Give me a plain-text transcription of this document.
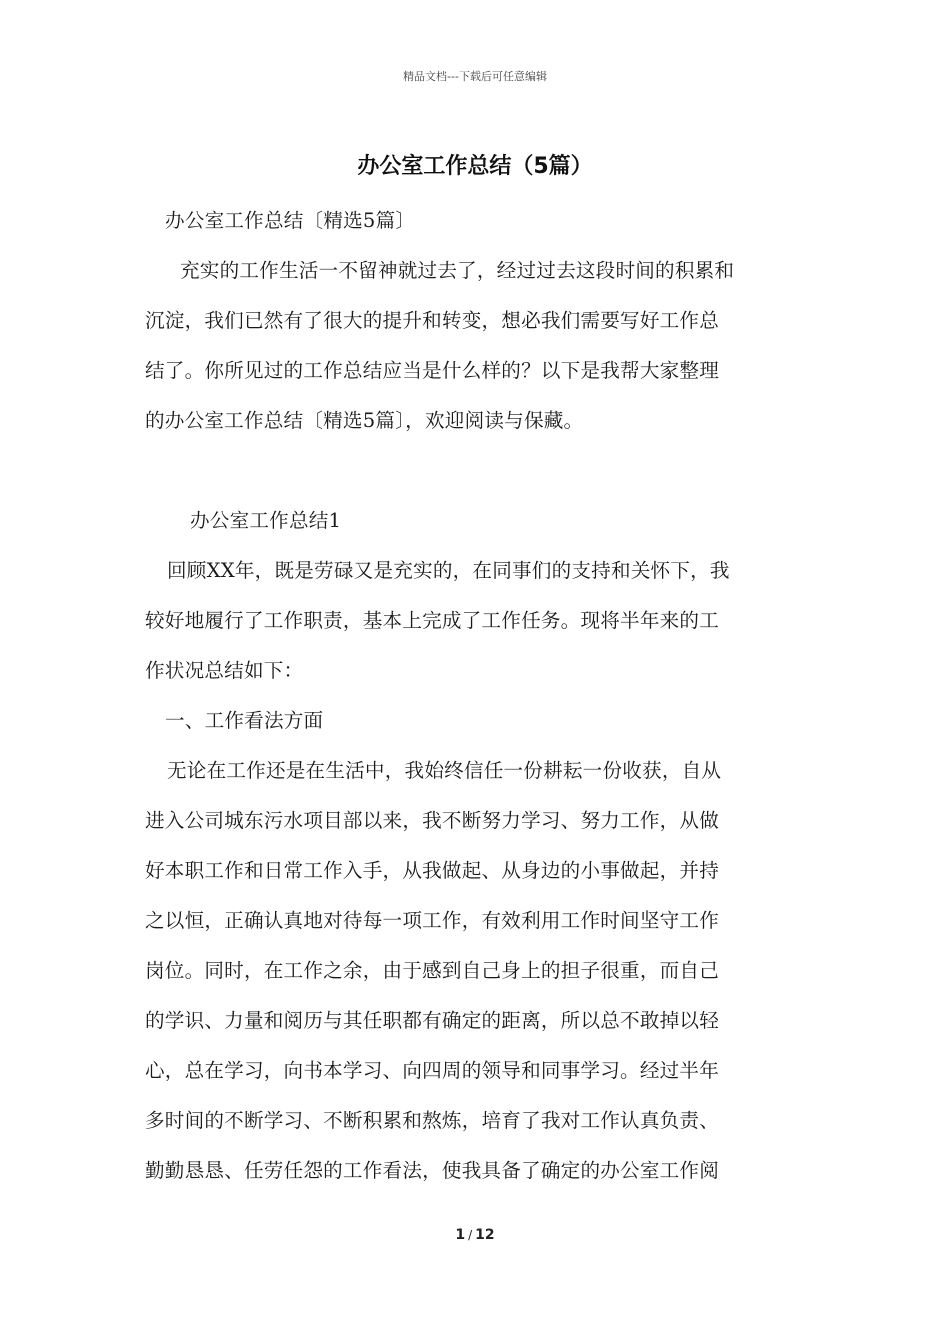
精品文档---下载后可任意编辑
办公室工作总结（5篇）
办公室工作总结〔精选5篇〕
充实的工作生活一不留神就过去了，经过过去这段时间的积累和
沉淀，我们已然有了很大的提升和转变，想必我们需要写好工作总
结了。你所见过的工作总结应当是什么样的？以下是我帮大家整理
的办公室工作总结〔精选5篇〕，欢迎阅读与保藏。
办公室工作总结1
回顾XX年，既是劳碌又是充实的，在同事们的支持和关怀下，我
较好地履行了工作职责，基本上完成了工作任务。现将半年来的工
作状况总结如下：
一、工作看法方面
无论在工作还是在生活中，我始终信任一份耕耘一份收获，自从
进入公司城东污水项目部以来，我不断努力学习、努力工作，从做
好本职工作和日常工作入手，从我做起、从身边的小事做起，并持
之以恒，正确认真地对待每一项工作，有效利用工作时间坚守工作
岗位。同时，在工作之余，由于感到自己身上的担子很重，而自己
的学识、力量和阅历与其任职都有确定的距离，所以总不敢掉以轻
心，总在学习，向书本学习、向四周的领导和同事学习。经过半年
多时间的不断学习、不断积累和熬炼，培育了我对工作认真负责、
勤勤恳恳、任劳任怨的工作看法，使我具备了确定的办公室工作阅
1 / 12
